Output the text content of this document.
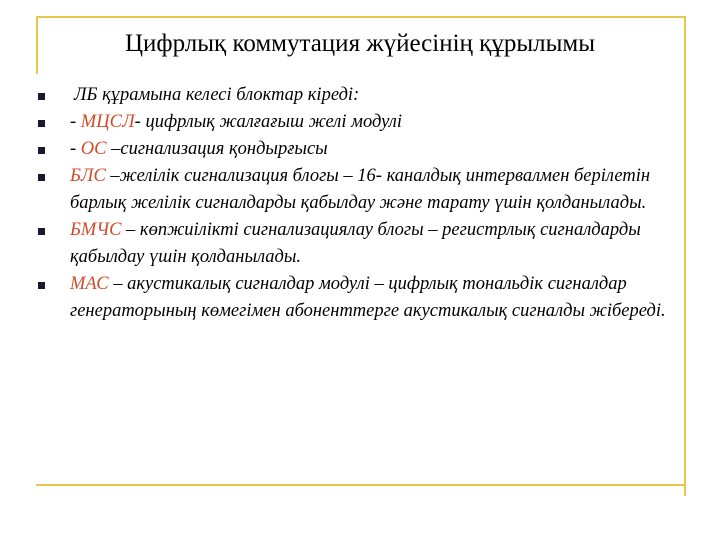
Цифрлық коммутация жүйесінің құрылымы
ЛБ құрамына келесі блоктар кіреді:
- МЦСЛ- цифрлық жалғағыш желі модулі
- ОС –сигнализация қондырғысы
БЛС –желілік сигнализация блогы – 16- каналдық интервалмен берілетін барлық желілік сигналдарды қабылдау және тарату үшін қолданылады.
БМЧС – көпжиілікті сигнализациялау блогы – регистрлық сигналдарды қабылдау үшін қолданылады.
МАС – акустикалық сигналдар модулі – цифрлық тональдік сигналдар генераторының көмегімен абоненттерге акустикалық сигналды жібереді.
